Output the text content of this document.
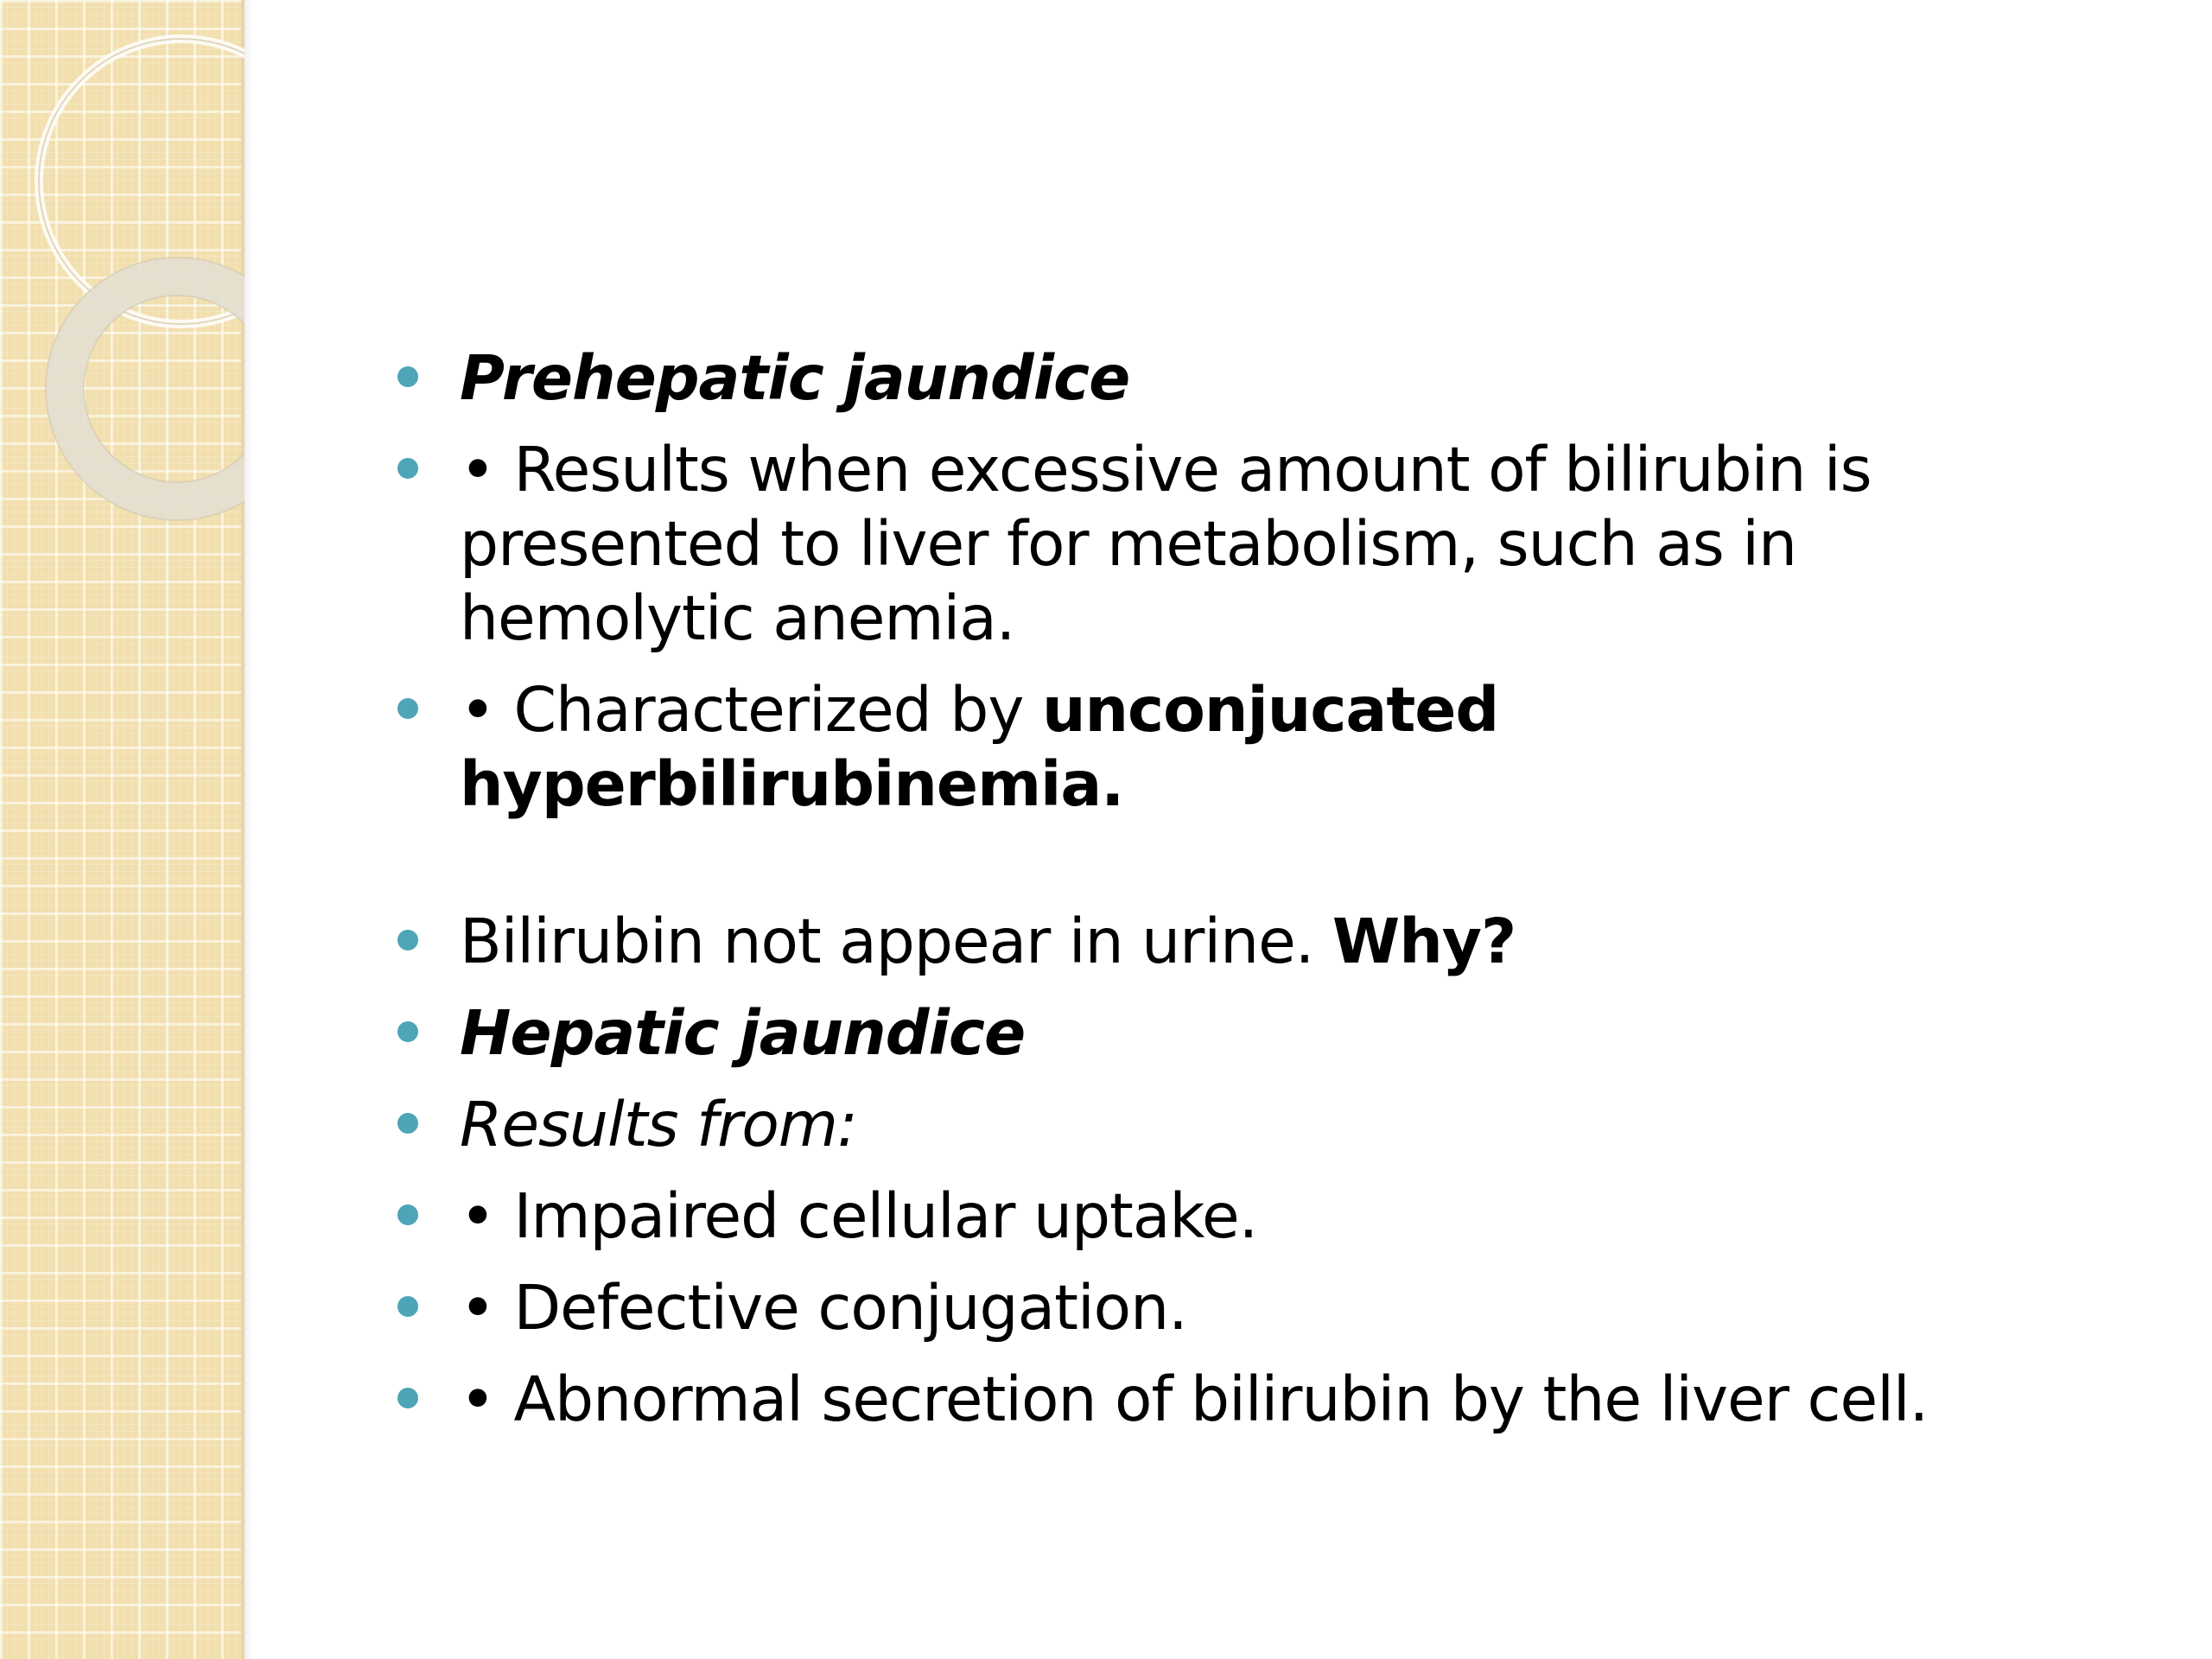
Prehepatic jaundice
• Results when excessive amount of bilirubin is presented to liver for metabolism, such as in hemolytic anemia.
• Characterized by unconjucated hyperbilirubinemia.
Bilirubin not appear in urine. Why?
Hepatic jaundice
Results from:
• Impaired cellular uptake.
• Defective conjugation.
• Abnormal secretion of bilirubin by the liver cell.
